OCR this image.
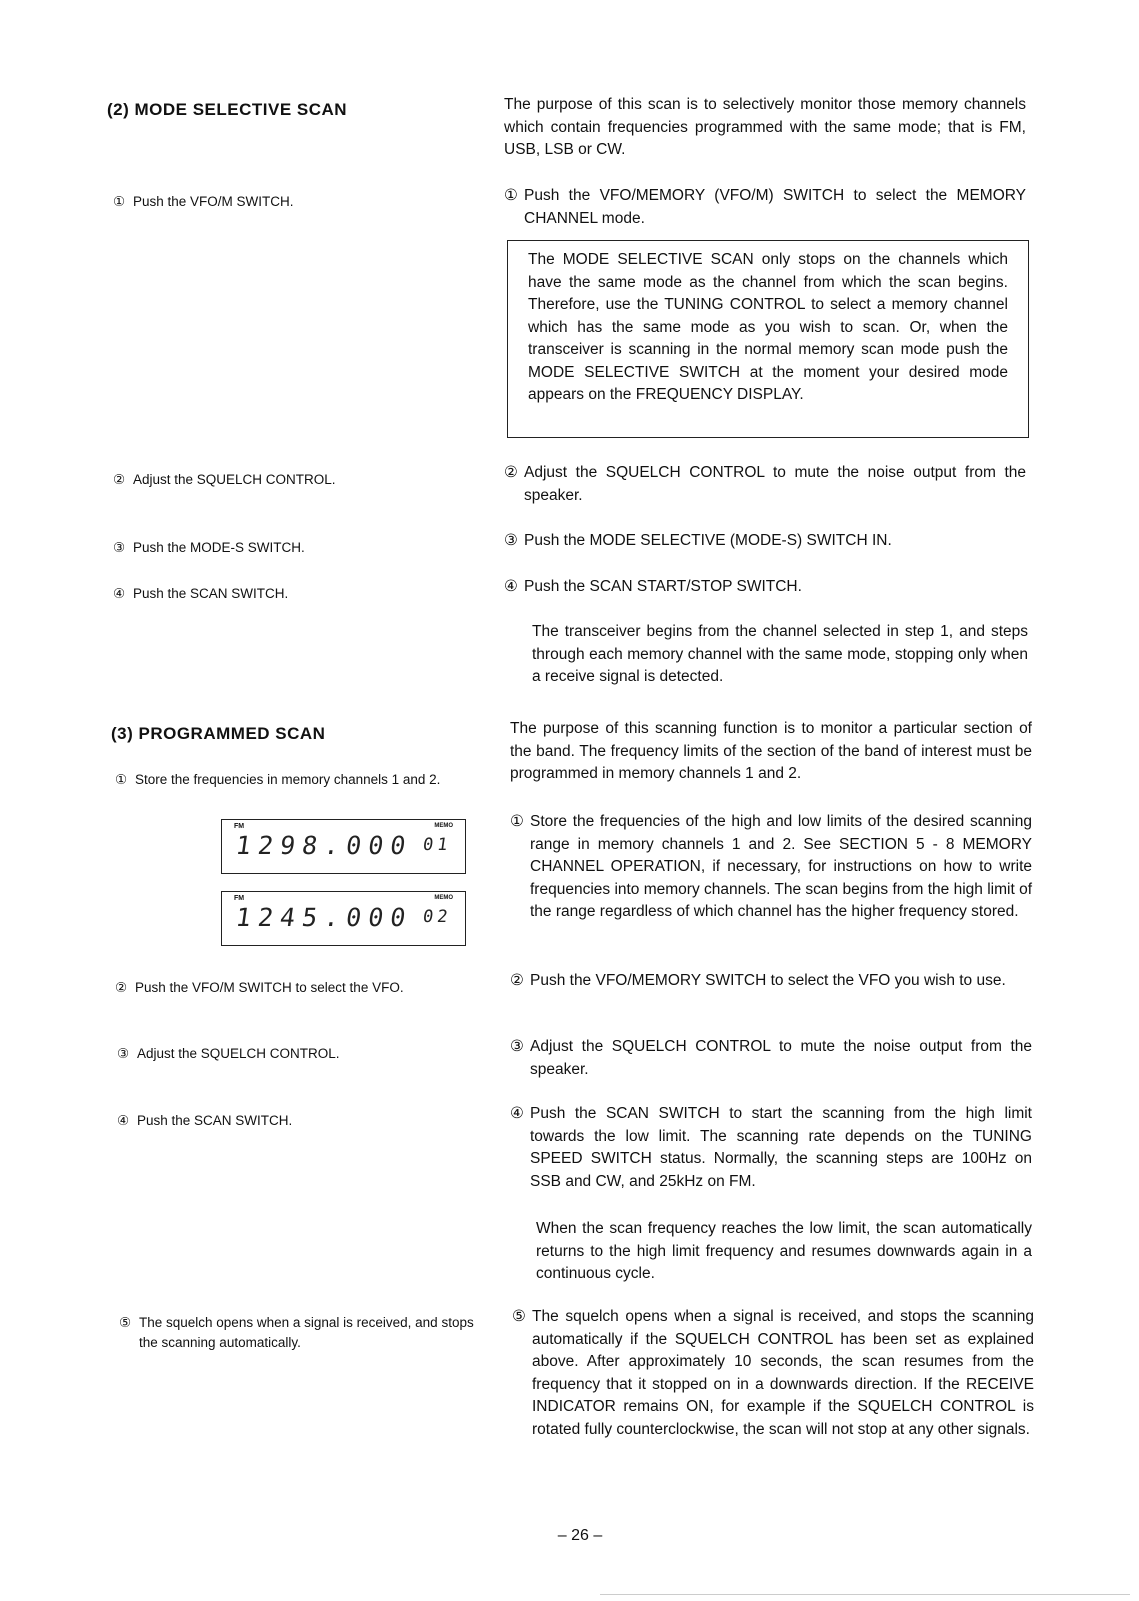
(2) MODE SELECTIVE SCAN	The purpose of this scan is to selectively monitor those memory channels which contain frequencies programmed with the same mode; that is FM, USB, LSB or CW.
① Push the VFO/M SWITCH.	① Push the VFO/MEMORY (VFO/M) SWITCH to select the MEMORY CHANNEL mode.
The MODE SELECTIVE SCAN only stops on the channels which have the same mode as the channel from which the scan begins. Therefore, use the TUNING CONTROL to select a memory channel which has the same mode as you wish to scan. Or, when the transceiver is scanning in the normal memory scan mode push the MODE SELECTIVE SWITCH at the moment your desired mode appears on the FREQUENCY DISPLAY.
② Adjust the SQUELCH CONTROL.	② Adjust the SQUELCH CONTROL to mute the noise output from the speaker.
③ Push the MODE-S SWITCH.	③ Push the MODE SELECTIVE (MODE-S) SWITCH IN.
④ Push the SCAN SWITCH.	④ Push the SCAN START/STOP SWITCH.
The transceiver begins from the channel selected in step 1, and steps through each memory channel with the same mode, stopping only when a receive signal is detected.
(3) PROGRAMMED SCAN	The purpose of this scanning function is to monitor a particular section of the band. The frequency limits of the section of the band of interest must be programmed in memory channels 1 and 2.
① Store the frequencies in memory channels 1 and 2.
FM	MEMO
1298.000 01
FM	MEMO
1245.000 02
① Store the frequencies of the high and low limits of the desired scanning range in memory channels 1 and 2. See SECTION 5 - 8 MEMORY CHANNEL OPERATION, if necessary, for instructions on how to write frequencies into memory channels. The scan begins from the high limit of the range regardless of which channel has the higher frequency stored.
② Push the VFO/M SWITCH to select the VFO.	② Push the VFO/MEMORY SWITCH to select the VFO you wish to use.
③ Adjust the SQUELCH CONTROL.	③ Adjust the SQUELCH CONTROL to mute the noise output from the speaker.
④ Push the SCAN SWITCH.	④ Push the SCAN SWITCH to start the scanning from the high limit towards the low limit. The scanning rate depends on the TUNING SPEED SWITCH status. Normally, the scanning steps are 100Hz on SSB and CW, and 25kHz on FM.
When the scan frequency reaches the low limit, the scan automatically returns to the high limit frequency and resumes downwards again in a continuous cycle.
⑤ The squelch opens when a signal is received, and stops the scanning automatically.
⑤ The squelch opens when a signal is received, and stops the scanning automatically if the SQUELCH CONTROL has been set as explained above. After approximately 10 seconds, the scan resumes from the frequency that it stopped on in a downwards direction. If the RECEIVE INDICATOR remains ON, for example if the SQUELCH CONTROL is rotated fully counterclockwise, the scan will not stop at any other signals.
– 26 –
